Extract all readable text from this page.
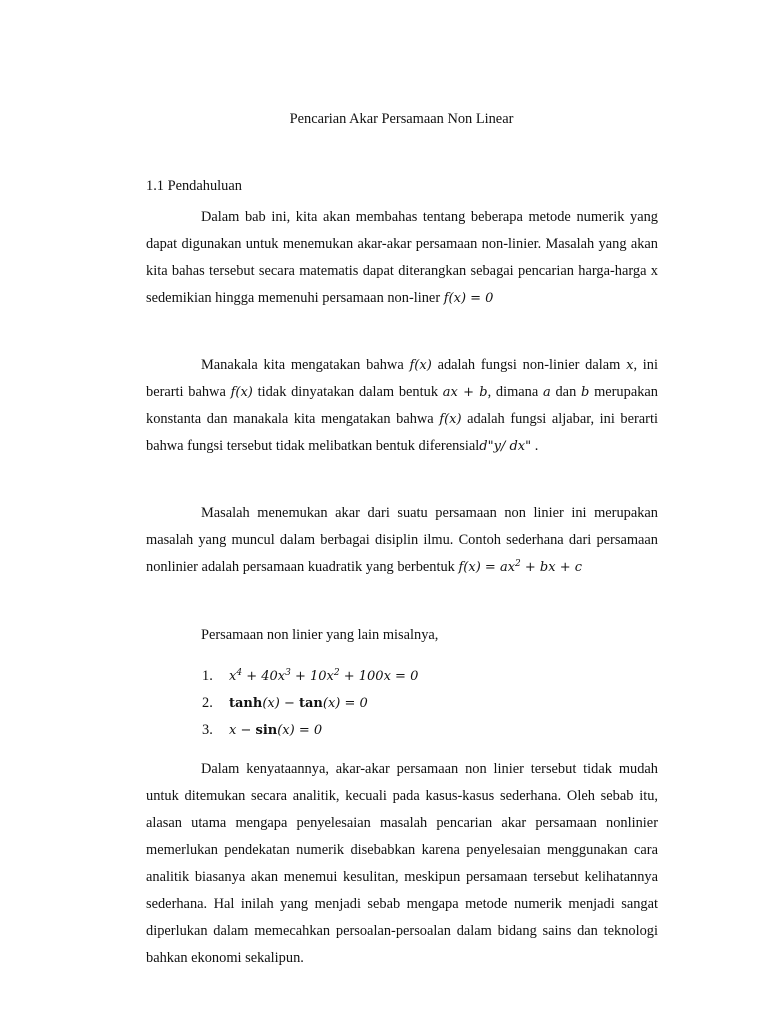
Pencarian Akar Persamaan Non Linear
1.1 Pendahuluan

Dalam bab ini, kita akan membahas tentang beberapa metode numerik yang dapat digunakan untuk menemukan akar-akar persamaan non-linier. Masalah yang akan kita bahas tersebut secara matematis dapat diterangkan sebagai pencarian harga-harga x sedemikian hingga memenuhi persamaan non-liner f(x) = 0

Manakala kita mengatakan bahwa f(x) adalah fungsi non-linier dalam x, ini berarti bahwa f(x) tidak dinyatakan dalam bentuk ax + b, dimana a dan b merupakan konstanta dan manakala kita mengatakan bahwa f(x) adalah fungsi aljabar, ini berarti bahwa fungsi tersebut tidak melibatkan bentuk diferensiald"y/ dx" .

Masalah menemukan akar dari suatu persamaan non linier ini merupakan masalah yang muncul dalam berbagai disiplin ilmu. Contoh sederhana dari persamaan nonlinier adalah persamaan kuadratik yang berbentuk $f(x) = ax^2$ + bx + c

Persamaan non linier yang lain misalnya,

1. $x^4 + 40x^3 + 10x^2 + 100x = 0$
2. tanh(x) − tan(x) = 0
3. x − sin(x) = 0

Dalam kenyataannya, akar-akar persamaan non linier tersebut tidak mudah untuk ditemukan secara analitik, kecuali pada kasus-kasus sederhana. Oleh sebab itu, alasan utama mengapa penyelesaian masalah pencarian akar persamaan nonlinier memerlukan pendekatan numerik disebabkan karena penyelesaian menggunakan cara analitik biasanya akan menemui kesulitan, meskipun persamaan tersebut kelihatannya sederhana. Hal inilah yang menjadi sebab mengapa metode numerik menjadi sangat diperlukan dalam memecahkan persoalan-persoalan dalam bidang sains dan teknologi bahkan ekonomi sekalipun.
